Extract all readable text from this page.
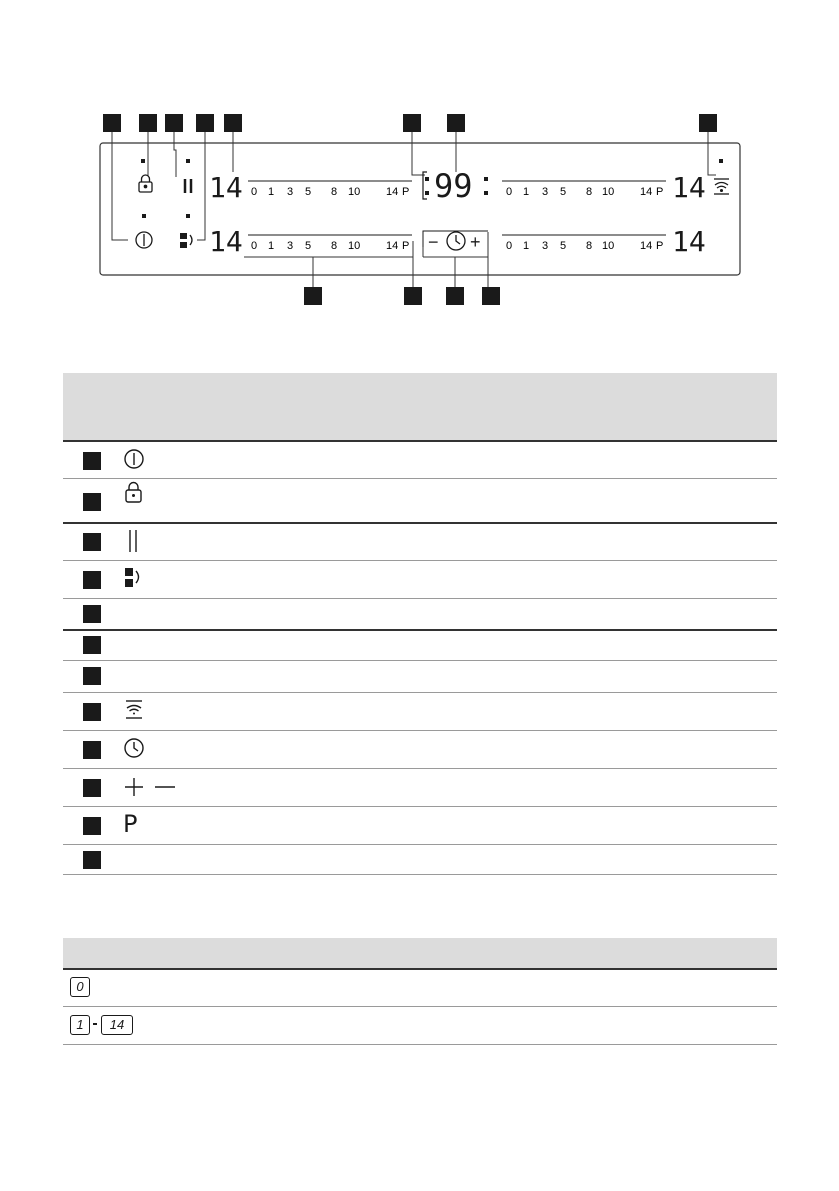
14
14
14
14
99
0 1 3 5 8 10 14 P
0 1 3 5 8 10 14 P
0 1 3 5 8 10 14 P
0 1 3 5 8 10 14 P
− +
P
0
1	14
